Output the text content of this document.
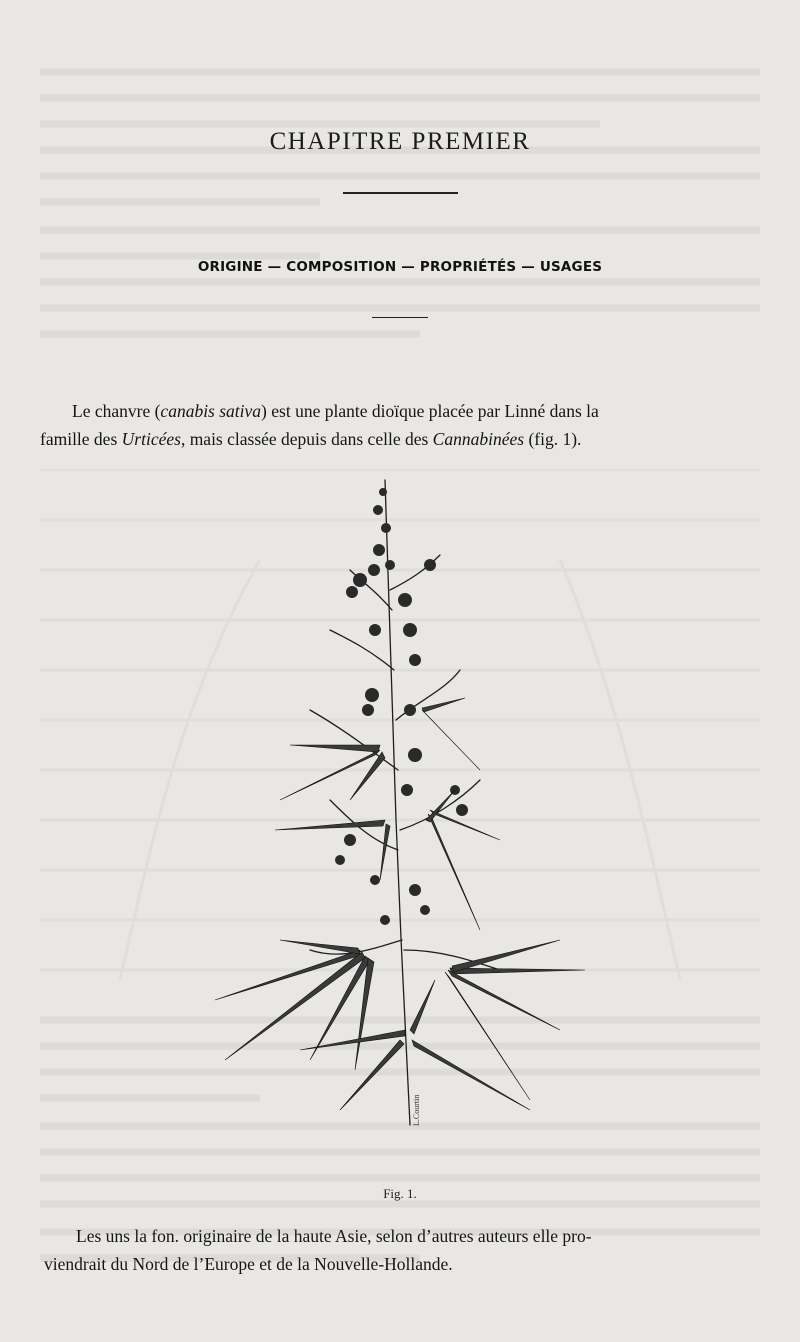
CHAPITRE PREMIER
ORIGINE — COMPOSITION — PROPRIÉTÉS — USAGES
Le chanvre (canabis sativa) est une plante dioïque placée par Linné dans la
famille des Urticées, mais classée depuis dans celle des Cannabinées (fig. 1).
L.Courtin
Fig. 1.
Les uns la fon. originaire de la haute Asie, selon d’autres auteurs elle pro-
viendrait du Nord de l’Europe et de la Nouvelle-Hollande.
